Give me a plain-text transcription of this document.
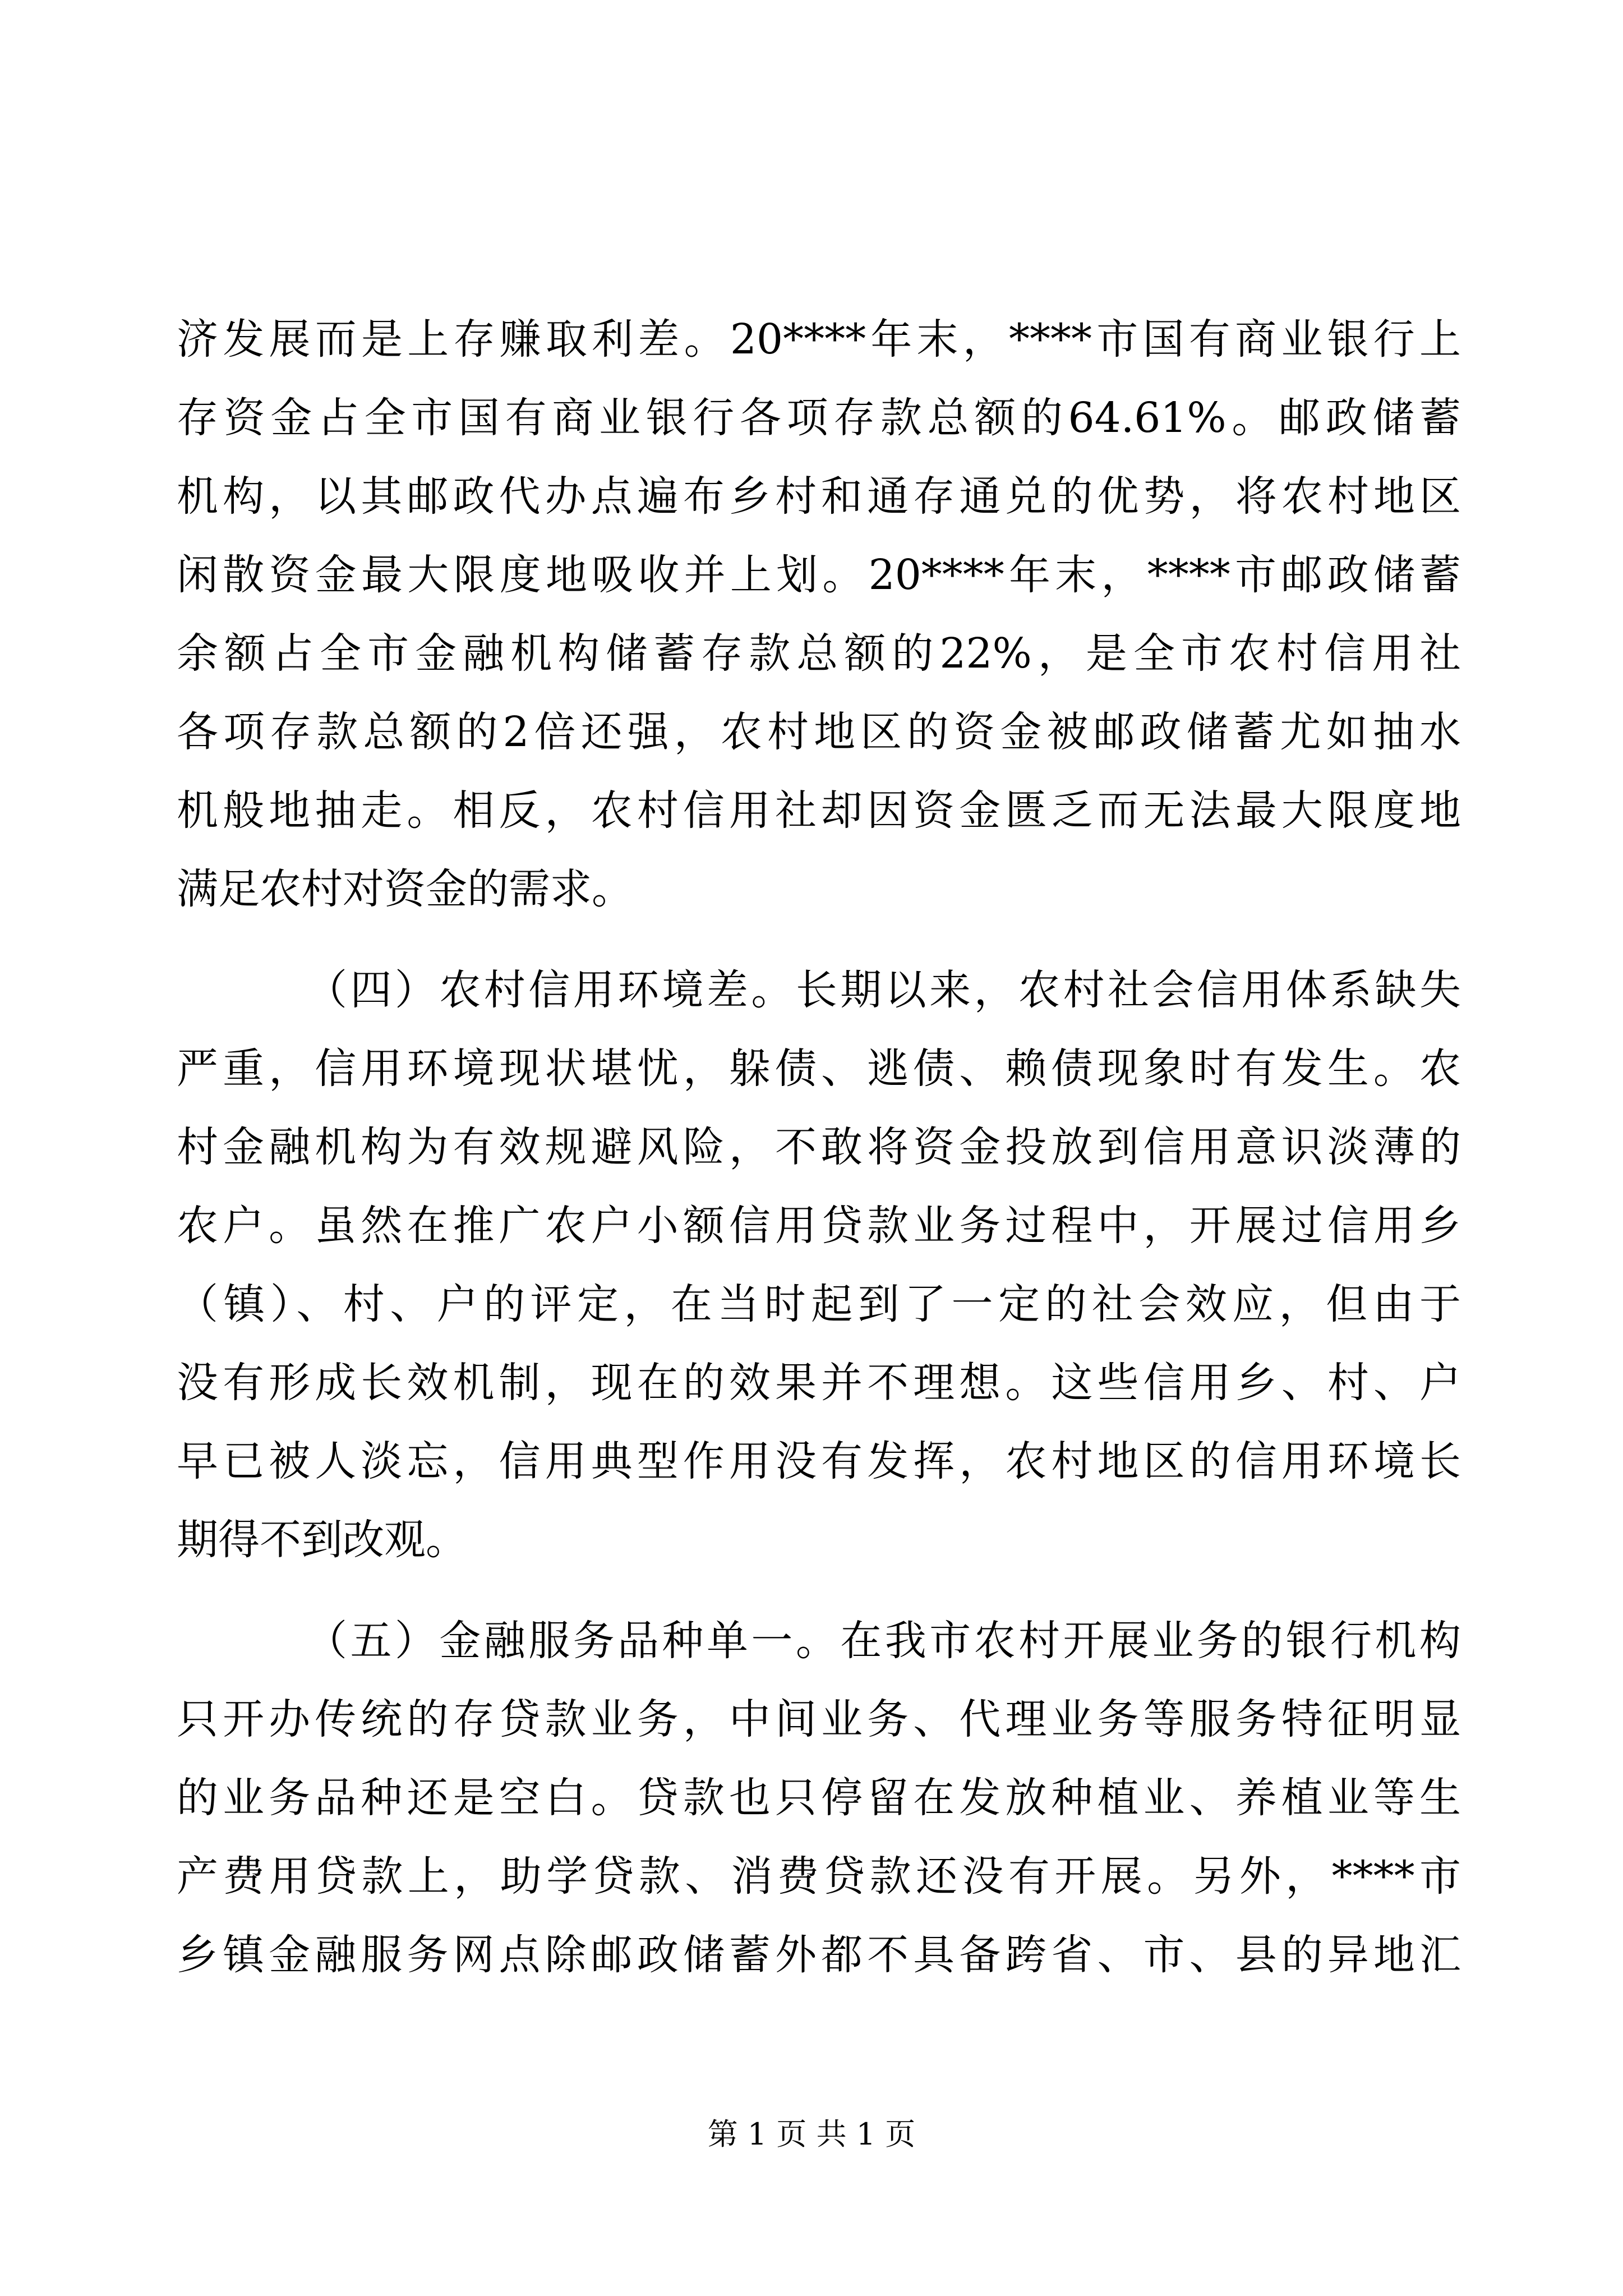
济发展而是上存赚取利差。20****年末，****市国有商业银行上
存资金占全市国有商业银行各项存款总额的64.61%。邮政储蓄
机构，以其邮政代办点遍布乡村和通存通兑的优势，将农村地区
闲散资金最大限度地吸收并上划。20****年末，****市邮政储蓄
余额占全市金融机构储蓄存款总额的22%，是全市农村信用社
各项存款总额的2倍还强，农村地区的资金被邮政储蓄尤如抽水
机般地抽走。相反，农村信用社却因资金匮乏而无法最大限度地
满足农村对资金的需求。
（四）农村信用环境差。长期以来，农村社会信用体系缺失
严重，信用环境现状堪忧，躲债、逃债、赖债现象时有发生。农
村金融机构为有效规避风险，不敢将资金投放到信用意识淡薄的
农户。虽然在推广农户小额信用贷款业务过程中，开展过信用乡
（镇）、村、户的评定，在当时起到了一定的社会效应，但由于
没有形成长效机制，现在的效果并不理想。这些信用乡、村、户
早已被人淡忘，信用典型作用没有发挥，农村地区的信用环境长
期得不到改观。
（五）金融服务品种单一。在我市农村开展业务的银行机构
只开办传统的存贷款业务，中间业务、代理业务等服务特征明显
的业务品种还是空白。贷款也只停留在发放种植业、养植业等生
产费用贷款上，助学贷款、消费贷款还没有开展。另外，****市
乡镇金融服务网点除邮政储蓄外都不具备跨省、市、县的异地汇
第 1 页 共 1 页
